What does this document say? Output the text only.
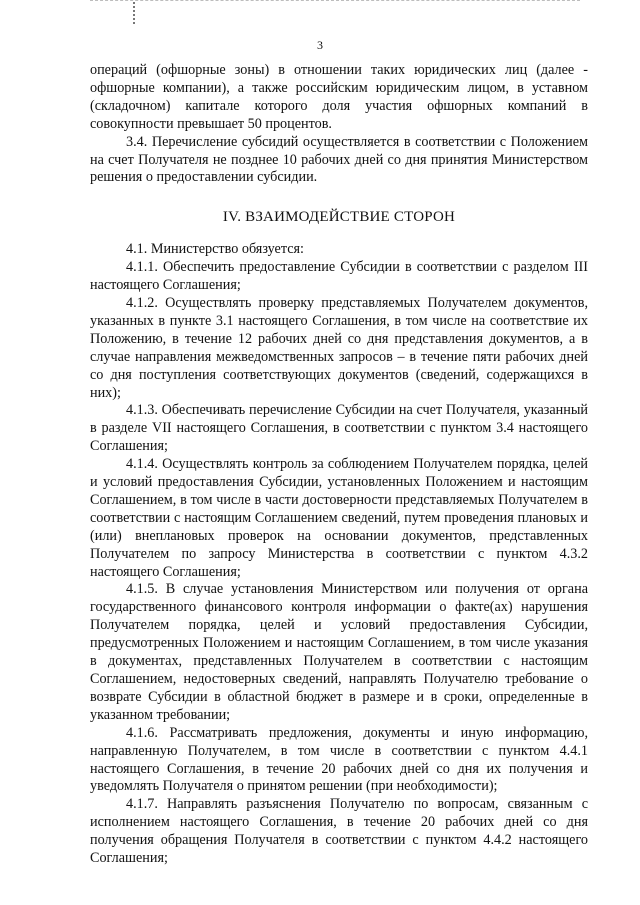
3

операций (офшорные зоны) в отношении таких юридических лиц (далее - офшорные компании), а также российским юридическим лицом, в уставном (складочном) капитале которого доля участия офшорных компаний в совокупности превышает 50 процентов.

3.4. Перечисление субсидий осуществляется в соответствии с Положением на счет Получателя не позднее 10 рабочих дней со дня принятия Министерством решения о предоставлении субсидии.

IV. ВЗАИМОДЕЙСТВИЕ СТОРОН

4.1. Министерство обязуется:

4.1.1. Обеспечить предоставление Субсидии в соответствии с разделом III настоящего Соглашения;

4.1.2. Осуществлять проверку представляемых Получателем документов, указанных в пункте 3.1 настоящего Соглашения, в том числе на соответствие их Положению, в течение 12 рабочих дней со дня представления документов, а в случае направления межведомственных запросов – в течение пяти рабочих дней со дня поступления соответствующих документов (сведений, содержащихся в них);

4.1.3. Обеспечивать перечисление Субсидии на счет Получателя, указанный в разделе VII настоящего Соглашения, в соответствии с пунктом 3.4 настоящего Соглашения;

4.1.4. Осуществлять контроль за соблюдением Получателем порядка, целей и условий предоставления Субсидии, установленных Положением и настоящим Соглашением, в том числе в части достоверности представляемых Получателем в соответствии с настоящим Соглашением сведений, путем проведения плановых и (или) внеплановых проверок на основании документов, представленных Получателем по запросу Министерства в соответствии с пунктом 4.3.2 настоящего Соглашения;

4.1.5. В случае установления Министерством или получения от органа государственного финансового контроля информации о факте(ах) нарушения Получателем порядка, целей и условий предоставления Субсидии, предусмотренных Положением и настоящим Соглашением, в том числе указания в документах, представленных Получателем в соответствии с настоящим Соглашением, недостоверных сведений, направлять Получателю требование о возврате Субсидии в областной бюджет в размере и в сроки, определенные в указанном требовании;

4.1.6. Рассматривать предложения, документы и иную информацию, направленную Получателем, в том числе в соответствии с пунктом 4.4.1 настоящего Соглашения, в течение 20 рабочих дней со дня их получения и уведомлять Получателя о принятом решении (при необходимости);

4.1.7. Направлять разъяснения Получателю по вопросам, связанным с исполнением настоящего Соглашения, в течение 20 рабочих дней со дня получения обращения Получателя в соответствии с пунктом 4.4.2 настоящего Соглашения;
